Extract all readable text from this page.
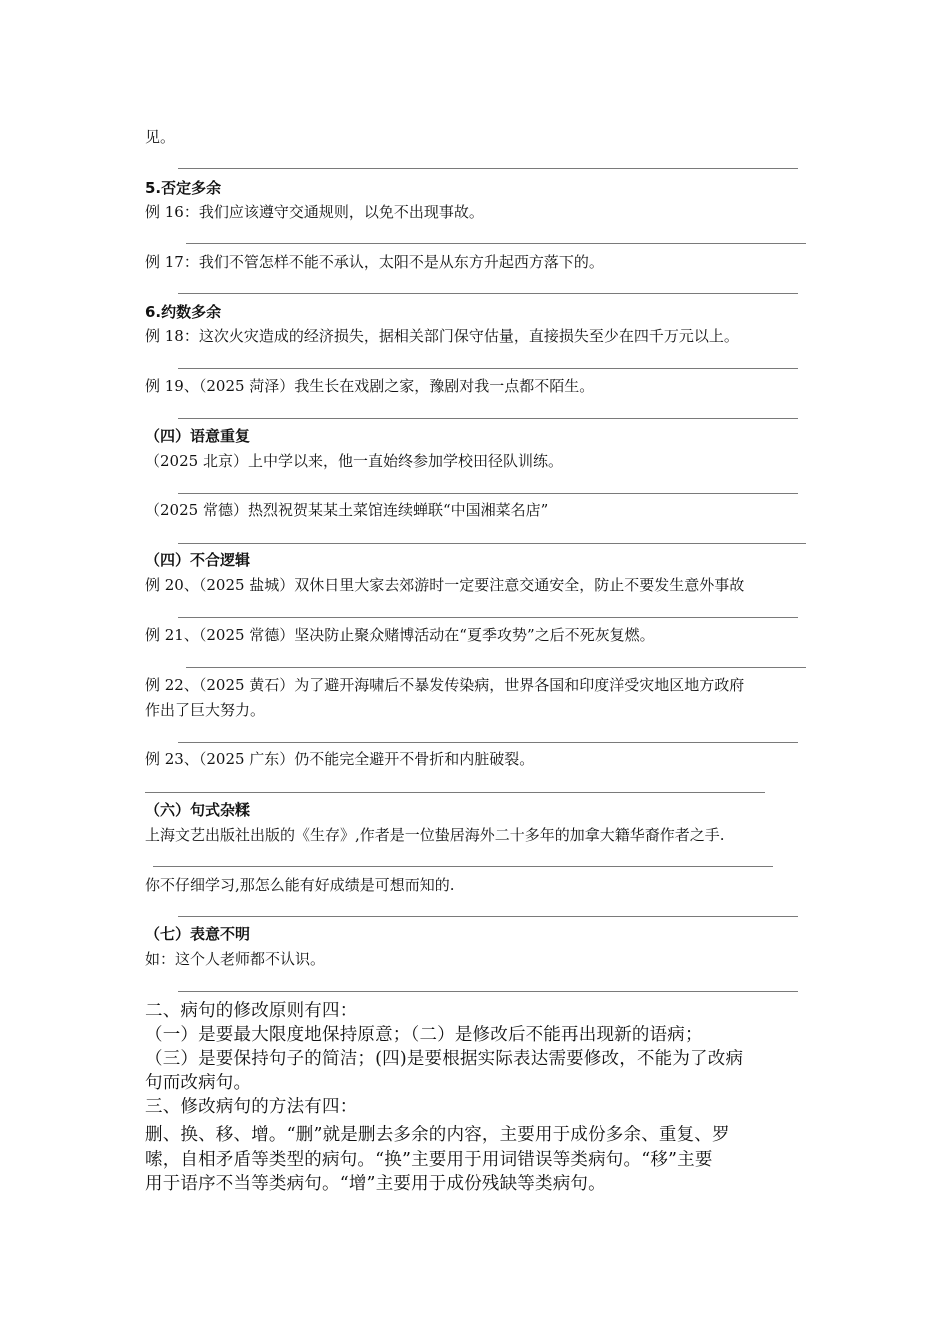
见。
5.否定多余
例 16：我们应该遵守交通规则，以免不出现事故。
例 17：我们不管怎样不能不承认，太阳不是从东方升起西方落下的。
6.约数多余
例 18：这次火灾造成的经济损失，据相关部门保守估量，直接损失至少在四千万元以上。
例 19、（2025 菏泽）我生长在戏剧之家，豫剧对我一点都不陌生。
（四）语意重复
（2025 北京）上中学以来，他一直始终参加学校田径队训练。
（2025 常德）热烈祝贺某某土菜馆连续蝉联“中国湘菜名店”
（四）不合逻辑
例 20、（2025 盐城）双休日里大家去郊游时一定要注意交通安全，防止不要发生意外事故
例 21、（2025 常德）坚决防止聚众赌博活动在“夏季攻势”之后不死灰复燃。
例 22、（2025 黄石）为了避开海啸后不暴发传染病，世界各国和印度洋受灾地区地方政府
作出了巨大努力。
例 23、（2025 广东）仍不能完全避开不骨折和内脏破裂。
（六）句式杂糅
上海文艺出版社出版的《生存》,作者是一位蛰居海外二十多年的加拿大籍华裔作者之手.
你不仔细学习,那怎么能有好成绩是可想而知的.
（七）表意不明
如：这个人老师都不认识。
二、病句的修改原则有四：
（一）是要最大限度地保持原意；（二）是修改后不能再出现新的语病；
（三）是要保持句子的简洁；(四)是要根据实际表达需要修改，不能为了改病
句而改病句。
三、修改病句的方法有四：
删、换、移、增。“删”就是删去多余的内容，主要用于成份多余、重复、罗
嗦，自相矛盾等类型的病句。“换”主要用于用词错误等类病句。“移”主要
用于语序不当等类病句。“增”主要用于成份残缺等类病句。
